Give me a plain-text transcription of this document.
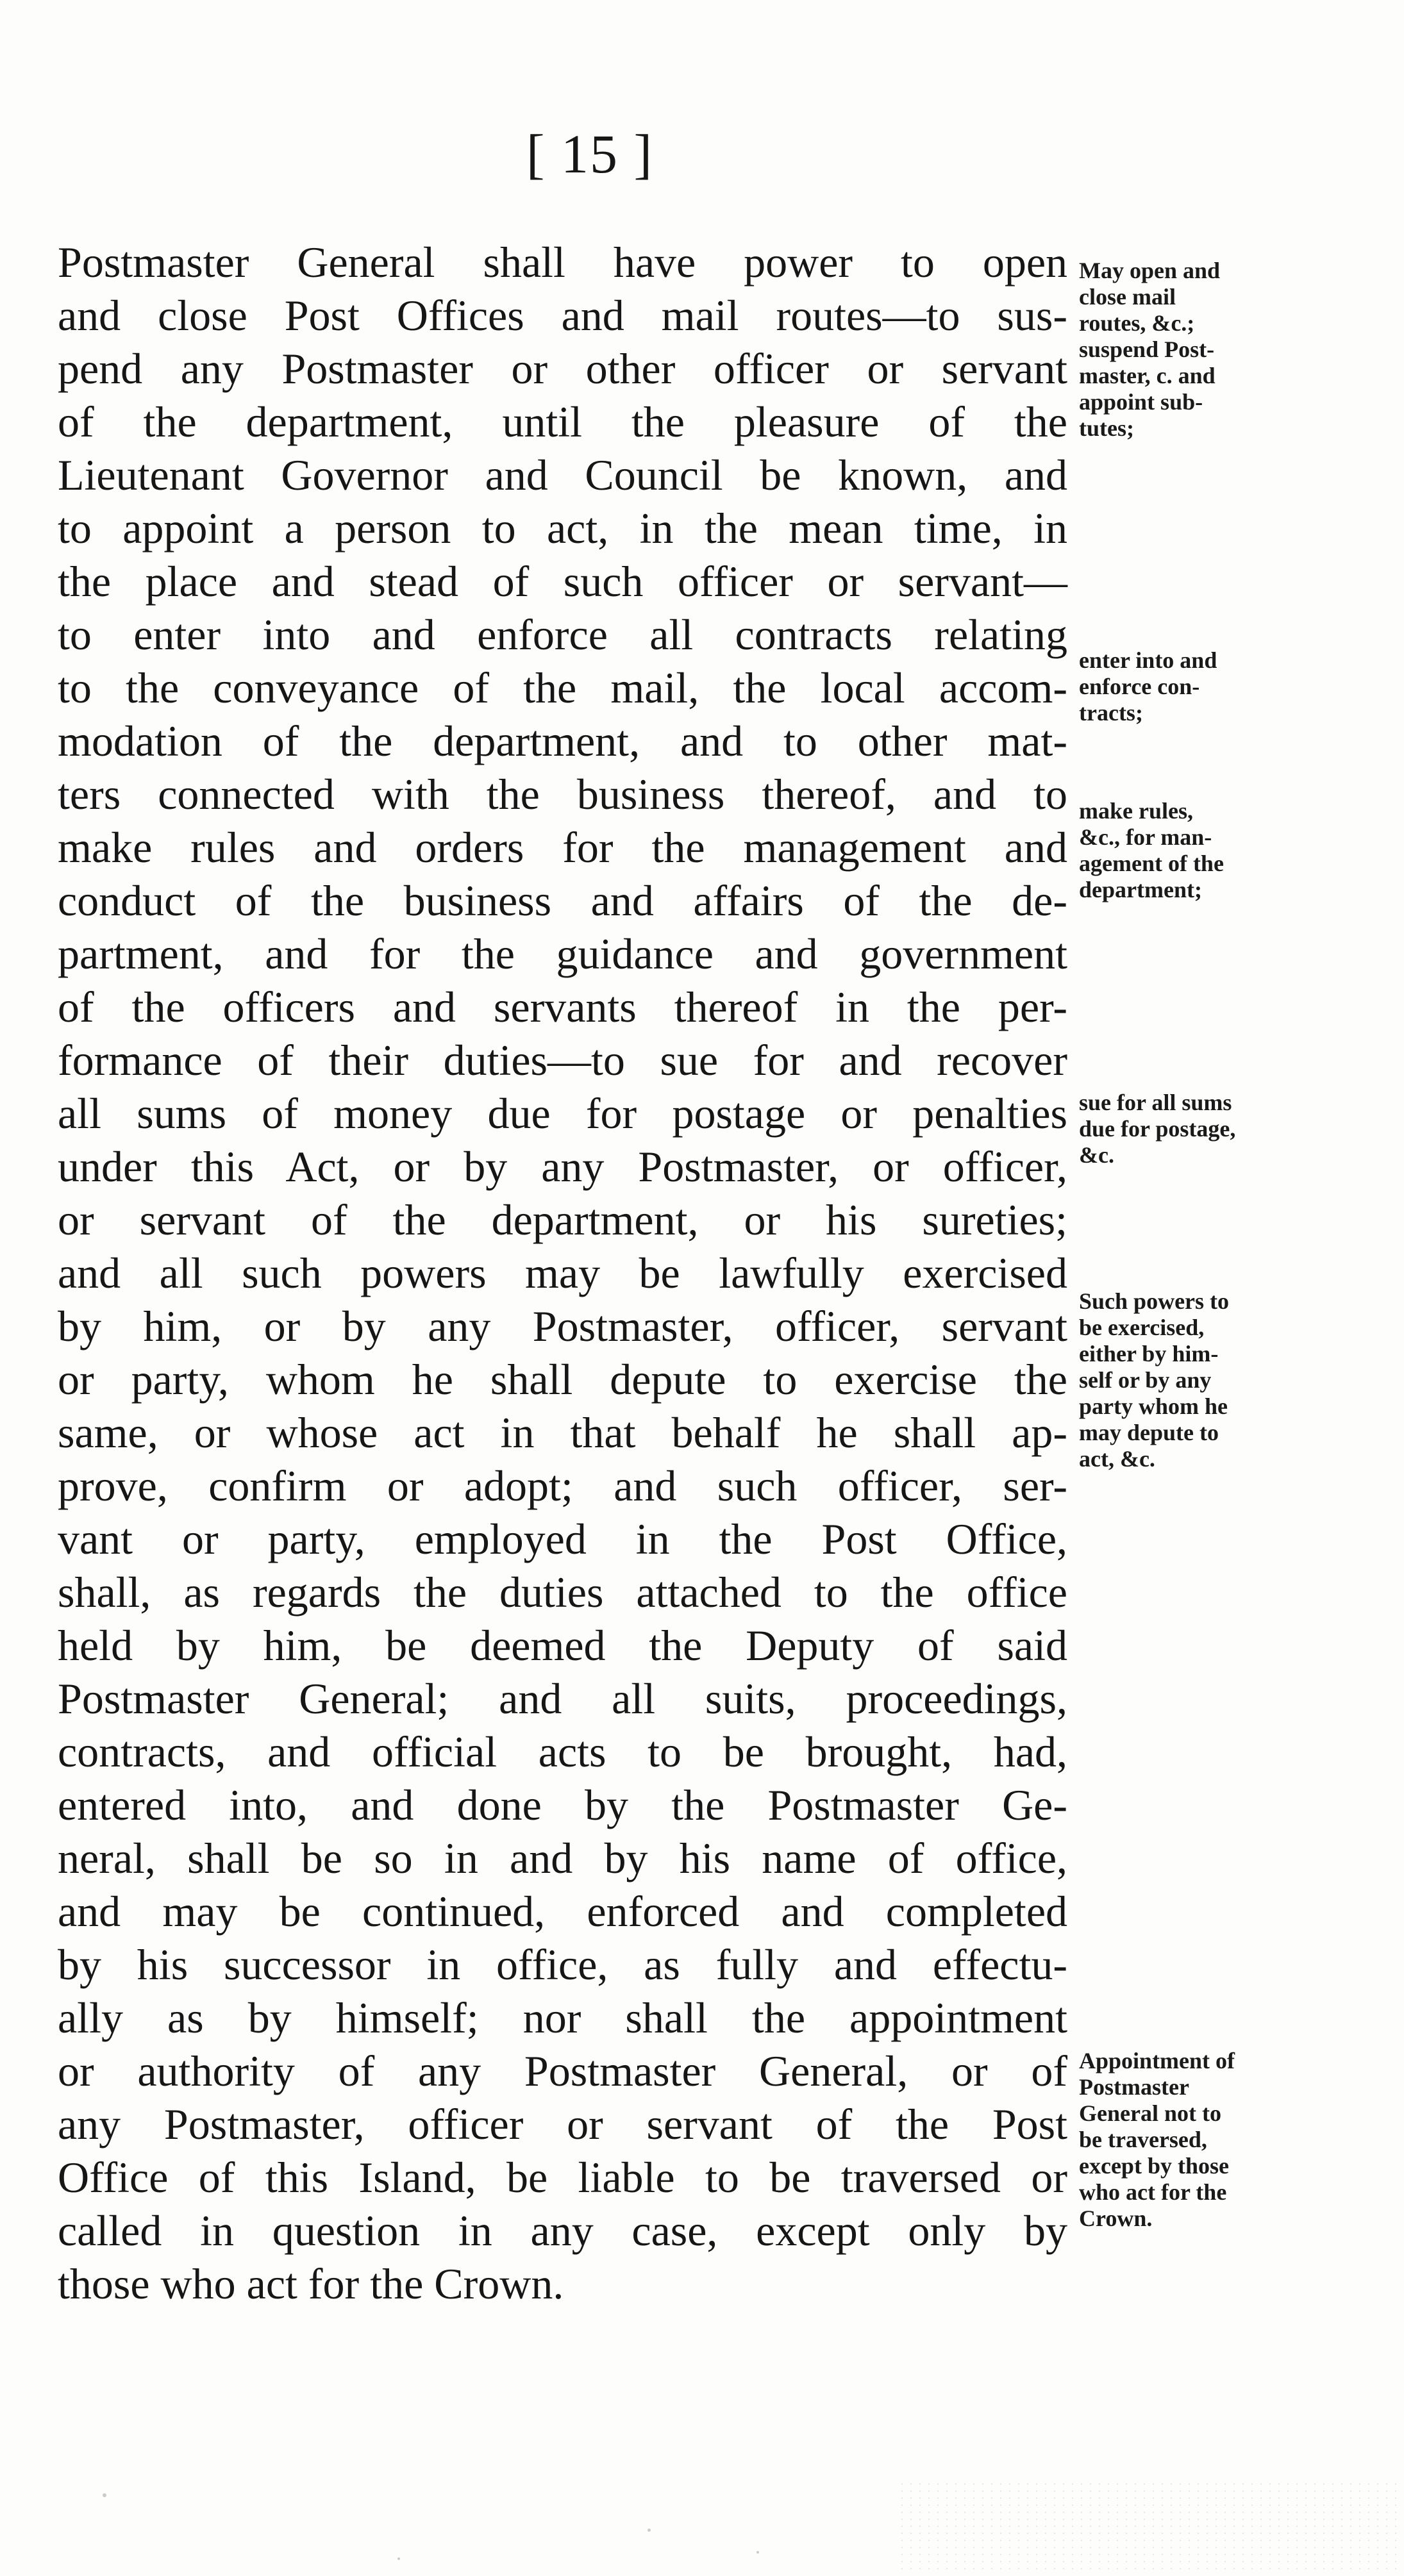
[ 15 ]
Postmaster General shall have power to open
and close Post Offices and mail routes—to sus-
pend any Postmaster or other officer or servant
of the department, until the pleasure of the
Lieutenant Governor and Council be known, and
to appoint a person to act, in the mean time, in
the place and stead of such officer or servant—
to enter into and enforce all contracts relating
to the conveyance of the mail, the local accom-
modation of the department, and to other mat-
ters connected with the business thereof, and to
make rules and orders for the management and
conduct of the business and affairs of the de-
partment, and for the guidance and government
of the officers and servants thereof in the per-
formance of their duties—to sue for and recover
all sums of money due for postage or penalties
under this Act, or by any Postmaster, or officer,
or servant of the department, or his sureties;
and all such powers may be lawfully exercised
by him, or by any Postmaster, officer, servant
or party, whom he shall depute to exercise the
same, or whose act in that behalf he shall ap-
prove, confirm or adopt; and such officer, ser-
vant or party, employed in the Post Office,
shall, as regards the duties attached to the office
held by him, be deemed the Deputy of said
Postmaster General; and all suits, proceedings,
contracts, and official acts to be brought, had,
entered into, and done by the Postmaster Ge-
neral, shall be so in and by his name of office,
and may be continued, enforced and completed
by his successor in office, as fully and effectu-
ally as by himself; nor shall the appointment
or authority of any Postmaster General, or of
any Postmaster, officer or servant of the Post
Office of this Island, be liable to be traversed or
called in question in any case, except only by
those who act for the Crown.
May open and
close mail
routes, &c.;
suspend Post-
master, c. and
appoint sub-
tutes;
enter into and
enforce con-
tracts;
make rules,
&c., for man-
agement of the
department;
sue for all sums
due for postage,
&c.
Such powers to
be exercised,
either by him-
self or by any
party whom he
may depute to
act, &c.
Appointment of
Postmaster
General not to
be traversed,
except by those
who act for the
Crown.
